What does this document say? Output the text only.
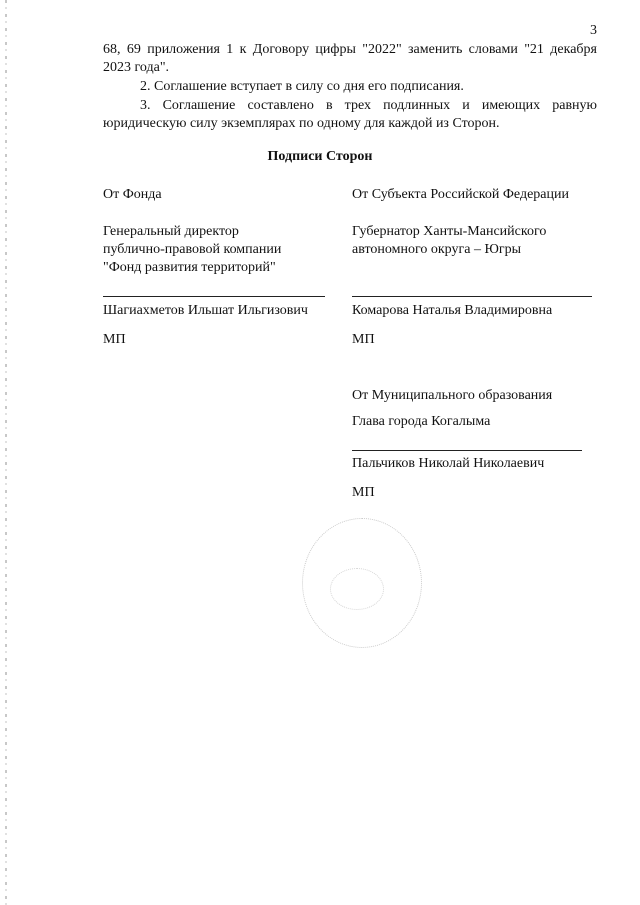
3
68, 69 приложения 1 к Договору цифры "2022" заменить словами "21 декабря
2023 года".
2. Соглашение вступает в силу со дня его подписания.
3. Соглашение составлено в трех подлинных и имеющих равную
юридическую силу экземплярах по одному для каждой из Сторон.
Подписи Сторон
От Фонда
Генеральный директор
публично-правовой компании
"Фонд развития территорий"
Шагиахметов Ильшат Ильгизович
МП
От Субъекта Российской Федерации
Губернатор Ханты-Мансийского
автономного округа – Югры
Комарова Наталья Владимировна
МП
От Муниципального образования
Глава города Когалыма
Пальчиков Николай Николаевич
МП
